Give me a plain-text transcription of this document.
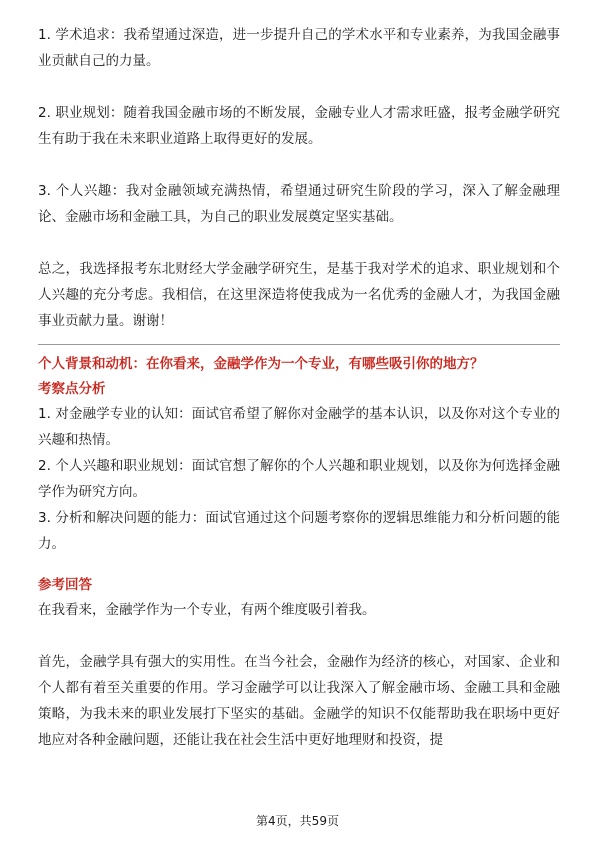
1. 学术追求：我希望通过深造，进一步提升自己的学术水平和专业素养，为我国金融事业贡献自己的力量。

2. 职业规划：随着我国金融市场的不断发展，金融专业人才需求旺盛，报考金融学研究生有助于我在未来职业道路上取得更好的发展。

3. 个人兴趣：我对金融领域充满热情，希望通过研究生阶段的学习，深入了解金融理论、金融市场和金融工具，为自己的职业发展奠定坚实基础。

总之，我选择报考东北财经大学金融学研究生，是基于我对学术的追求、职业规划和个人兴趣的充分考虑。我相信，在这里深造将使我成为一名优秀的金融人才，为我国金融事业贡献力量。谢谢！

个人背景和动机：在你看来，金融学作为一个专业，有哪些吸引你的地方？

考察点分析

1. 对金融学专业的认知：面试官希望了解你对金融学的基本认识，以及你对这个专业的兴趣和热情。

2. 个人兴趣和职业规划：面试官想了解你的个人兴趣和职业规划，以及你为何选择金融学作为研究方向。

3. 分析和解决问题的能力：面试官通过这个问题考察你的逻辑思维能力和分析问题的能力。

参考回答

在我看来，金融学作为一个专业，有两个维度吸引着我。

首先，金融学具有强大的实用性。在当今社会，金融作为经济的核心，对国家、企业和个人都有着至关重要的作用。学习金融学可以让我深入了解金融市场、金融工具和金融策略，为我未来的职业发展打下坚实的基础。金融学的知识不仅能帮助我在职场中更好地应对各种金融问题，还能让我在社会生活中更好地理财和投资，提

第4页，共59页
